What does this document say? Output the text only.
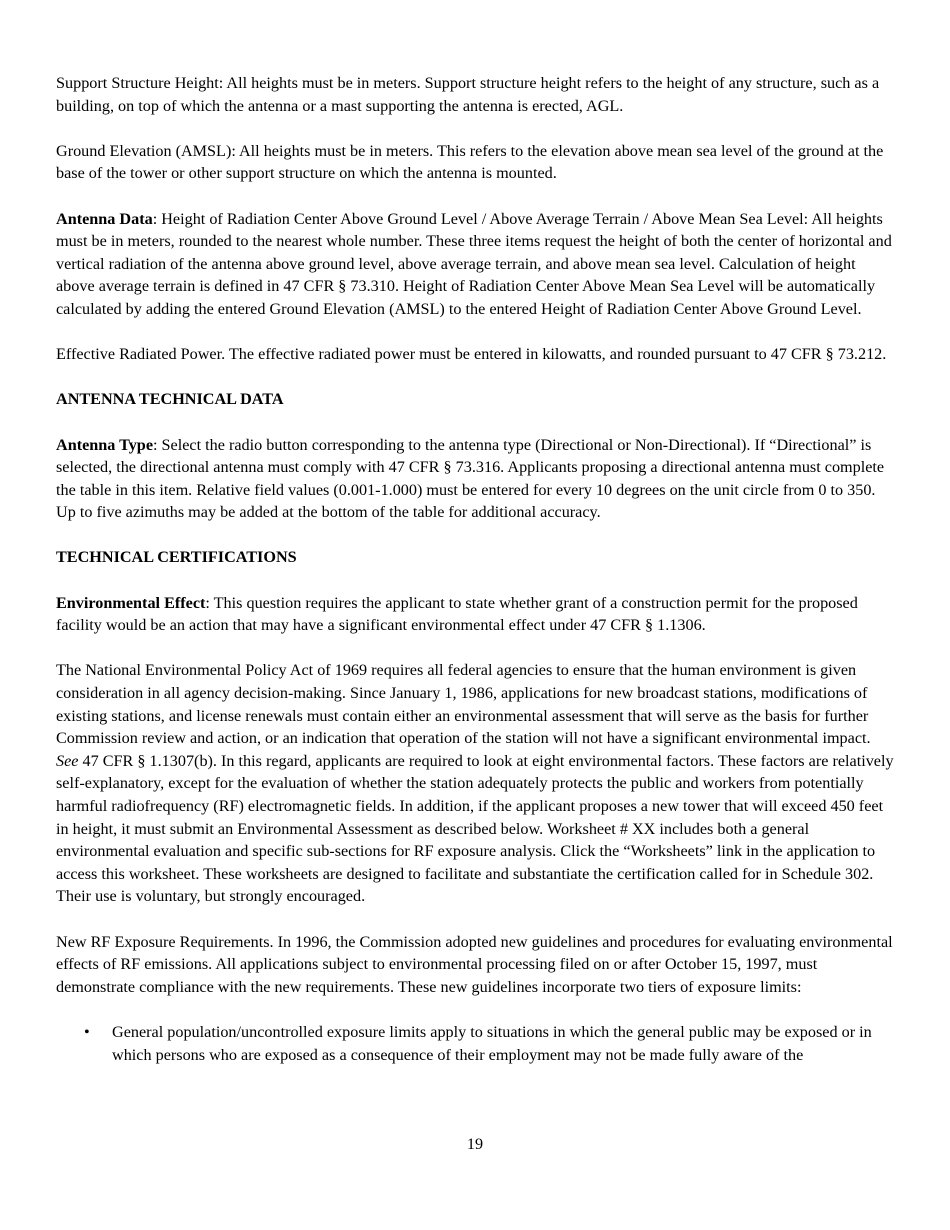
Support Structure Height: All heights must be in meters. Support structure height refers to the height of any structure, such as a building, on top of which the antenna or a mast supporting the antenna is erected, AGL.

Ground Elevation (AMSL): All heights must be in meters. This refers to the elevation above mean sea level of the ground at the base of the tower or other support structure on which the antenna is mounted.

Antenna Data: Height of Radiation Center Above Ground Level / Above Average Terrain / Above Mean Sea Level: All heights must be in meters, rounded to the nearest whole number. These three items request the height of both the center of horizontal and vertical radiation of the antenna above ground level, above average terrain, and above mean sea level. Calculation of height above average terrain is defined in 47 CFR § 73.310. Height of Radiation Center Above Mean Sea Level will be automatically calculated by adding the entered Ground Elevation (AMSL) to the entered Height of Radiation Center Above Ground Level.

Effective Radiated Power. The effective radiated power must be entered in kilowatts, and rounded pursuant to 47 CFR § 73.212.

ANTENNA TECHNICAL DATA

Antenna Type: Select the radio button corresponding to the antenna type (Directional or Non-Directional). If “Directional” is selected, the directional antenna must comply with 47 CFR § 73.316. Applicants proposing a directional antenna must complete the table in this item. Relative field values (0.001-1.000) must be entered for every 10 degrees on the unit circle from 0 to 350. Up to five azimuths may be added at the bottom of the table for additional accuracy.

TECHNICAL CERTIFICATIONS

Environmental Effect: This question requires the applicant to state whether grant of a construction permit for the proposed facility would be an action that may have a significant environmental effect under 47 CFR § 1.1306.

The National Environmental Policy Act of 1969 requires all federal agencies to ensure that the human environment is given consideration in all agency decision-making. Since January 1, 1986, applications for new broadcast stations, modifications of existing stations, and license renewals must contain either an environmental assessment that will serve as the basis for further Commission review and action, or an indication that operation of the station will not have a significant environmental impact. See 47 CFR § 1.1307(b). In this regard, applicants are required to look at eight environmental factors. These factors are relatively self-explanatory, except for the evaluation of whether the station adequately protects the public and workers from potentially harmful radiofrequency (RF) electromagnetic fields. In addition, if the applicant proposes a new tower that will exceed 450 feet in height, it must submit an Environmental Assessment as described below. Worksheet # XX includes both a general environmental evaluation and specific sub-sections for RF exposure analysis. Click the “Worksheets” link in the application to access this worksheet. These worksheets are designed to facilitate and substantiate the certification called for in Schedule 302. Their use is voluntary, but strongly encouraged.

New RF Exposure Requirements. In 1996, the Commission adopted new guidelines and procedures for evaluating environmental effects of RF emissions. All applications subject to environmental processing filed on or after October 15, 1997, must demonstrate compliance with the new requirements. These new guidelines incorporate two tiers of exposure limits:

• General population/uncontrolled exposure limits apply to situations in which the general public may be exposed or in which persons who are exposed as a consequence of their employment may not be made fully aware of the
19
